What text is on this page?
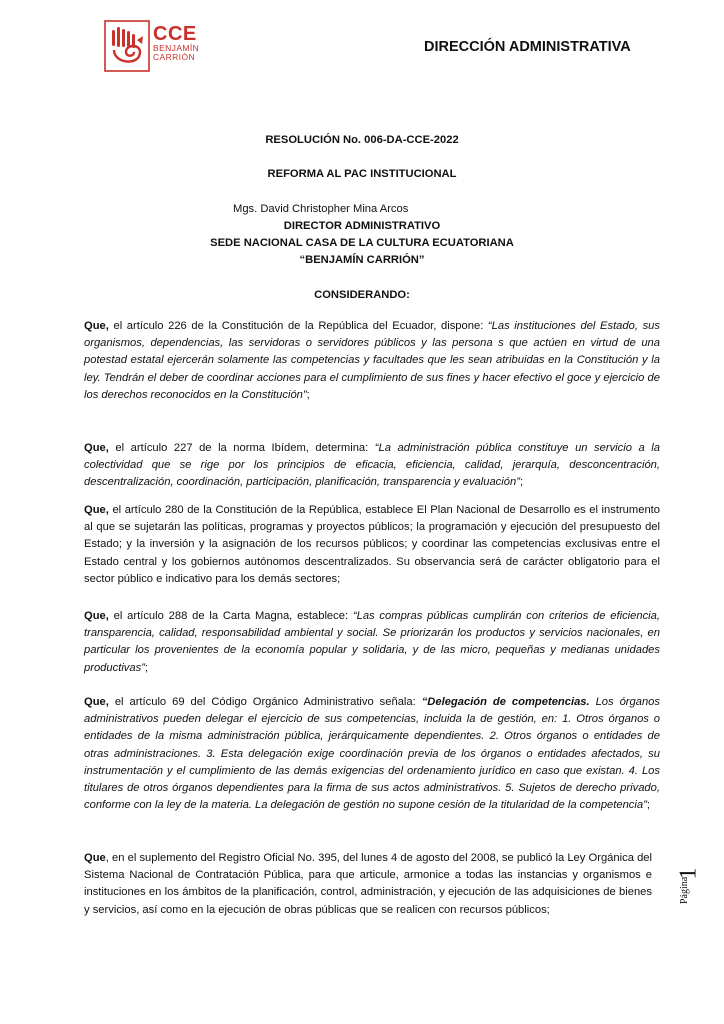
CCE
BENJAMÍN
CARRIÓN
DIRECCIÓN ADMINISTRATIVA
RESOLUCIÓN No. 006-DA-CCE-2022
REFORMA AL PAC INSTITUCIONAL
Mgs. David Christopher Mina Arcos
DIRECTOR ADMINISTRATIVO
SEDE NACIONAL CASA DE LA CULTURA ECUATORIANA
“BENJAMÍN CARRIÓN”
CONSIDERANDO:

Que, el artículo 226 de la Constitución de la República del Ecuador, dispone: “Las instituciones del Estado, sus organismos, dependencias, las servidoras o servidores públicos y las persona s que actúen en virtud de una potestad estatal ejercerán solamente las competencias y facultades que les sean atribuidas en la Constitución y la ley. Tendrán el deber de coordinar acciones para el cumplimiento de sus fines y hacer efectivo el goce y ejercicio de los derechos reconocidos en la Constitución”;

Que, el artículo 227 de la norma Ibídem, determina: “La administración pública constituye un servicio a la colectividad que se rige por los principios de eficacia, eficiencia, calidad, jerarquía, desconcentración, descentralización, coordinación, participación, planificación, transparencia y evaluación”;

Que, el artículo 280 de la Constitución de la República, establece El Plan Nacional de Desarrollo es el instrumento al que se sujetarán las políticas, programas y proyectos públicos; la programación y ejecución del presupuesto del Estado; y la inversión y la asignación de los recursos públicos; y coordinar las competencias exclusivas entre el Estado central y los gobiernos autónomos descentralizados. Su observancia será de carácter obligatorio para el sector público e indicativo para los demás sectores;

Que, el artículo 288 de la Carta Magna, establece: “Las compras públicas cumplirán con criterios de eficiencia, transparencia, calidad, responsabilidad ambiental y social. Se priorizarán los productos y servicios nacionales, en particular los provenientes de la economía popular y solidaria, y de las micro, pequeñas y medianas unidades productivas”;

Que, el artículo 69 del Código Orgánico Administrativo señala: “Delegación de competencias. Los órganos administrativos pueden delegar el ejercicio de sus competencias, incluida la de gestión, en: 1. Otros órganos o entidades de la misma administración pública, jerárquicamente dependientes. 2. Otros órganos o entidades de otras administraciones. 3. Esta delegación exige coordinación previa de los órganos o entidades afectados, su instrumentación y el cumplimiento de las demás exigencias del ordenamiento jurídico en caso que existan. 4. Los titulares de otros órganos dependientes para la firma de sus actos administrativos. 5. Sujetos de derecho privado, conforme con la ley de la materia. La delegación de gestión no supone cesión de la titularidad de la competencia”;

Que, en el suplemento del Registro Oficial No. 395, del lunes 4 de agosto del 2008, se publicó la Ley Orgánica del Sistema Nacional de Contratación Pública, para que articule, armonice a todas las instancias y organismos e instituciones en los ámbitos de la planificación, control, administración, y ejecución de las adquisiciones de bienes y servicios, así como en la ejecución de obras públicas que se realicen con recursos públicos;

Página
1
